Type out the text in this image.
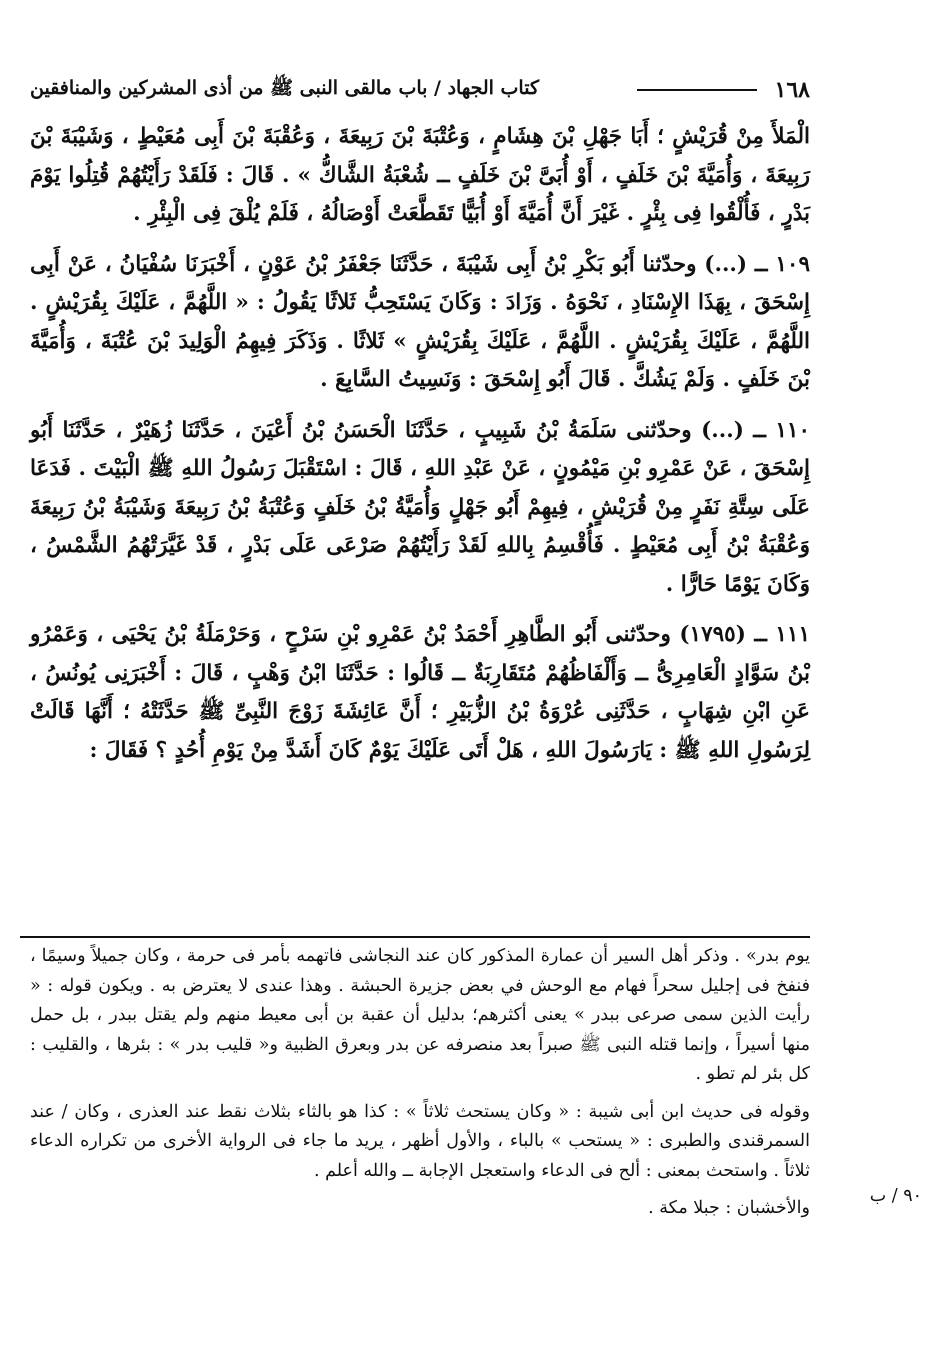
١٦٨
كتاب الجهاد / باب مالقى النبى ﷺ من أذى المشركين والمنافقين

الْمَلأَ مِنْ قُرَيْشٍ ؛ أَبَا جَهْلِ بْنَ هِشَامٍ ، وَعُتْبَةَ بْنَ رَبِيعَةَ ، وَعُقْبَةَ بْنَ أَبِى مُعَيْطٍ ، وَشَيْبَةَ بْنَ رَبِيعَةَ ، وَأُمَيَّةَ بْنَ خَلَفٍ ، أَوْ أُبَىَّ بْنَ خَلَفٍ ــ شُعْبَةُ الشَّاكُّ » . قَالَ : فَلَقَدْ رَأَيْتُهُمْ قُتِلُوا يَوْمَ بَدْرٍ ، فَأُلْقُوا فِى بِئْرٍ . غَيْرَ أَنَّ أُمَيَّةَ أَوْ أُبَيًّا تَقَطَّعَتْ أَوْصَالُهُ ، فَلَمْ يُلْقَ فِى الْبِئْرِ .

١٠٩ ــ (...) وحدّثنا أَبُو بَكْرِ بْنُ أَبِى شَيْبَةَ ، حَدَّثَنَا جَعْفَرُ بْنُ عَوْنٍ ، أَخْبَرَنَا سُفْيَانُ ، عَنْ أَبِى إِسْحَقَ ، بِهَذَا الإِسْنَادِ ، نَحْوَهُ . وَزَادَ : وَكَانَ يَسْتَحِبُّ ثَلاثًا يَقُولُ : « اللَّهُمَّ ، عَلَيْكَ بِقُرَيْشٍ . اللَّهُمَّ ، عَلَيْكَ بِقُرَيْشٍ . اللَّهُمَّ ، عَلَيْكَ بِقُرَيْشٍ » ثَلاثًا . وَذَكَرَ فِيهِمُ الْوَلِيدَ بْنَ عُتْبَةَ ، وَأُمَيَّةَ بْنَ خَلَفٍ . وَلَمْ يَشُكَّ . قَالَ أَبُو إِسْحَقَ : وَنَسِيتُ السَّابِعَ .

١١٠ ــ (...) وحدّثنى سَلَمَةُ بْنُ شَبِيبٍ ، حَدَّثَنَا الْحَسَنُ بْنُ أَعْيَنَ ، حَدَّثَنَا زُهَيْرٌ ، حَدَّثَنَا أَبُو إِسْحَقَ ، عَنْ عَمْرِو بْنِ مَيْمُونٍ ، عَنْ عَبْدِ اللهِ ، قَالَ : اسْتَقْبَلَ رَسُولُ اللهِ ﷺ الْبَيْتَ . فَدَعَا عَلَى سِتَّةِ نَفَرٍ مِنْ قُرَيْشٍ ، فِيهِمْ أَبُو جَهْلٍ وَأُمَيَّةُ بْنُ خَلَفٍ وَعُتْبَةُ بْنُ رَبِيعَةَ وَشَيْبَةُ بْنُ رَبِيعَةَ وَعُقْبَةُ بْنُ أَبِى مُعَيْطٍ . فَأُقْسِمُ بِاللهِ لَقَدْ رَأَيْتُهُمْ صَرْعَى عَلَى بَدْرٍ ، قَدْ غَيَّرَتْهُمُ الشَّمْسُ ، وَكَانَ يَوْمًا حَارًّا .

١١١ ــ (١٧٩٥) وحدّثنى أَبُو الطَّاهِرِ أَحْمَدُ بْنُ عَمْرِو بْنِ سَرْحٍ ، وَحَرْمَلَةُ بْنُ يَحْيَى ، وَعَمْرُو بْنُ سَوَّادٍ الْعَامِرِىُّ ــ وَأَلْفَاظُهُمْ مُتَقَارِبَةٌ ــ قَالُوا : حَدَّثَنَا ابْنُ وَهْبٍ ، قَالَ : أَخْبَرَنِى يُونُسُ ، عَنِ ابْنِ شِهَابٍ ، حَدَّثَنِى عُرْوَةُ بْنُ الزُّبَيْرِ ؛ أَنَّ عَائِشَةَ زَوْجَ النَّبِىِّ ﷺ حَدَّثَتْهُ ؛ أَنَّهَا قَالَتْ لِرَسُولِ اللهِ ﷺ : يَارَسُولَ اللهِ ، هَلْ أَتَى عَلَيْكَ يَوْمٌ كَانَ أَشَدَّ مِنْ يَوْمِ أُحُدٍ ؟ فَقَالَ :

يوم بدر» . وذكر أهل السير أن عمارة المذكور كان عند النجاشى فاتهمه بأمر فى حرمة ، وكان جميلاً وسيمًا ، فنفخ فى إجليل سحراً فهام مع الوحش في بعض جزيرة الحبشة . وهذا عندى لا يعترض به . ويكون قوله : « رأيت الذين سمى صرعى ببدر » يعنى أكثرهم؛ بدليل أن عقبة بن أبى معيط منهم ولم يقتل ببدر ، بل حمل منها أسيراً ، وإنما قتله النبى ﷺ صبراً بعد منصرفه عن بدر وبعرق الظبية و« قليب بدر » : بئرها ، والقليب : كل بئر لم تطو .

وقوله فى حديث ابن أبى شيبة : « وكان يستحث ثلاثاً » : كذا هو بالثاء بثلاث نقط عند العذرى ، وكان / عند السمرقندى والطبرى : « يستحب » بالباء ، والأول أظهر ، يريد ما جاء فى الرواية الأخرى من تكراره الدعاء ثلاثاً . واستحث بمعنى : ألح فى الدعاء واستعجل الإجابة ــ والله أعلم .

والأخشبان : جبلا مكة .

٩٠ / ب
